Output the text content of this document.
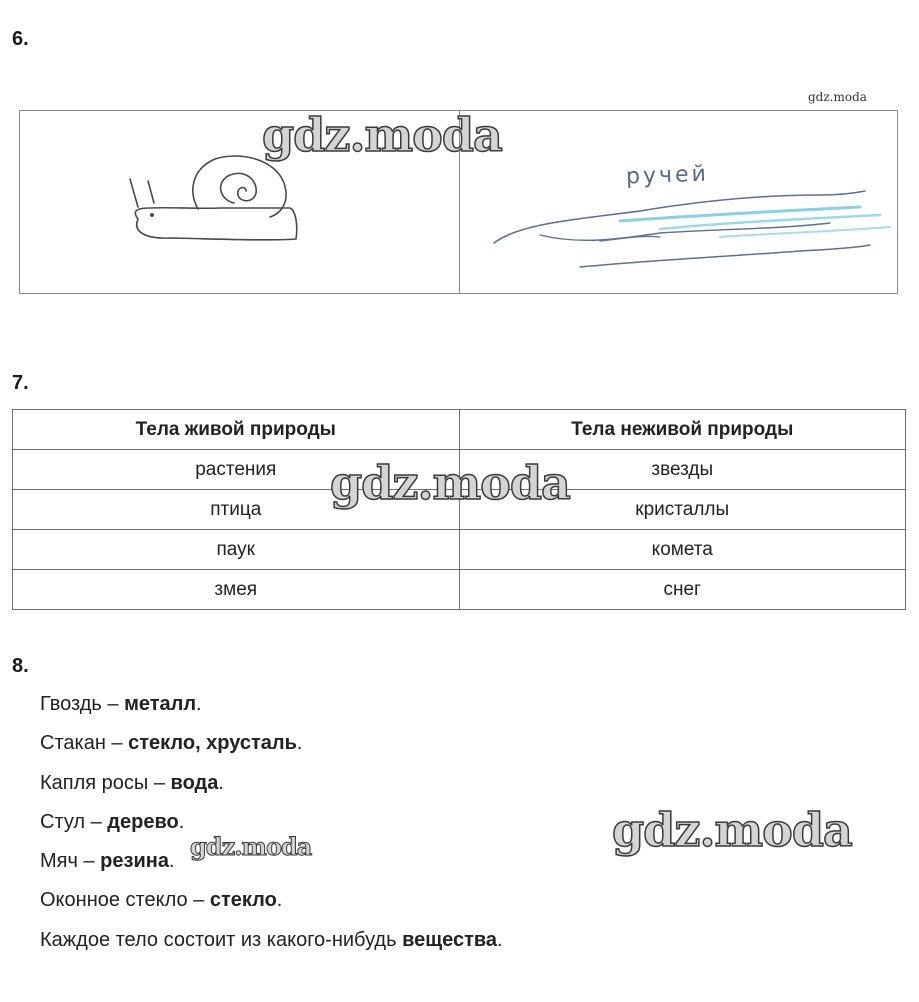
6.
gdz.moda
ручей
gdz.moda
7.
Тела живой природы	Тела неживой природы
растения	звезды
птица	кристаллы
паук	комета
змея	снег
gdz.moda
8.
Гвоздь – металл.
Стакан – стекло, хрусталь.
Капля росы – вода.
Стул – дерево.
Мяч – резина.
Оконное стекло – стекло.
Каждое тело состоит из какого-нибудь вещества.
gdz.moda	gdz.moda
